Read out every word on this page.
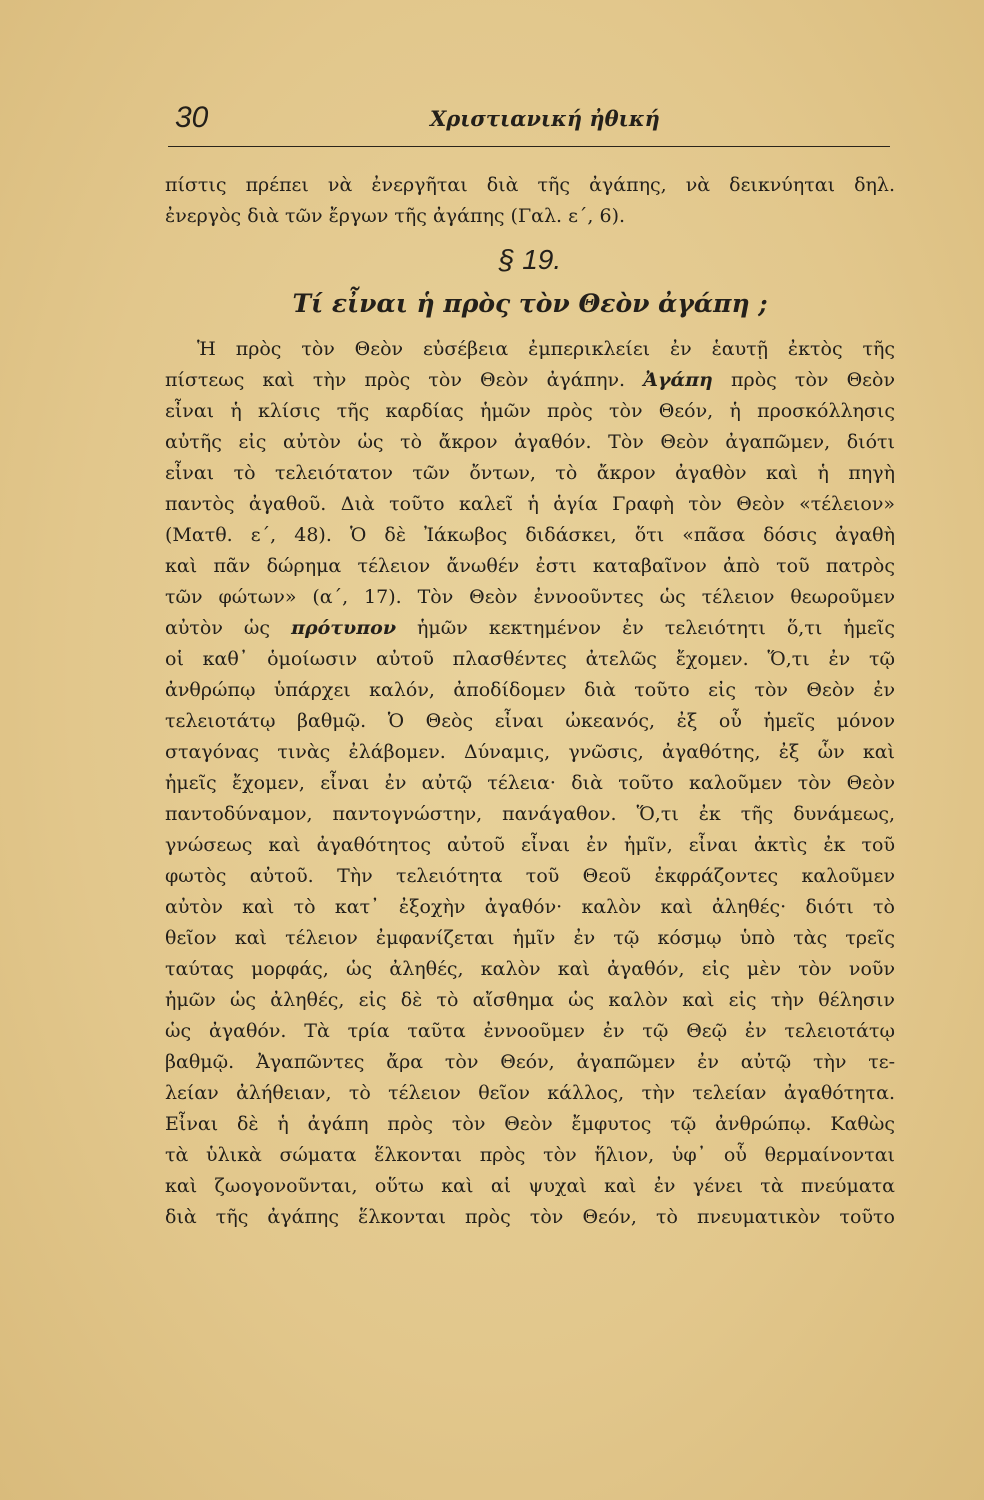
30	Χριστιανική ἠθική
πίστις πρέπει νὰ ἐνεργῆται διὰ τῆς ἀγάπης, νὰ δεικνύηται δηλ.
ἐνεργὸς διὰ τῶν ἔργων τῆς ἀγάπης (Γαλ. ε΄, 6).
§ 19.
Τί εἶναι ἡ πρὸς τὸν Θεὸν ἀγάπη ;
Ἡ πρὸς τὸν Θεὸν εὐσέβεια ἐμπερικλείει ἐν ἑαυτῇ ἐκτὸς τῆς
πίστεως καὶ τὴν πρὸς τὸν Θεὸν ἀγάπην. Ἀγάπη πρὸς τὸν Θεὸν
εἶναι ἡ κλίσις τῆς καρδίας ἡμῶν πρὸς τὸν Θεόν, ἡ προσκόλλησις
αὐτῆς εἰς αὐτὸν ὡς τὸ ἄκρον ἀγαθόν. Τὸν Θεὸν ἀγαπῶμεν, διότι
εἶναι τὸ τελειότατον τῶν ὄντων, τὸ ἄκρον ἀγαθὸν καὶ ἡ πηγὴ
παντὸς ἀγαθοῦ. Διὰ τοῦτο καλεῖ ἡ ἁγία Γραφὴ τὸν Θεὸν «τέλειον»
(Ματθ. ε΄, 48). Ὁ δὲ Ἰάκωβος διδάσκει, ὅτι «πᾶσα δόσις ἀγαθὴ
καὶ πᾶν δώρημα τέλειον ἄνωθέν ἐστι καταβαῖνον ἀπὸ τοῦ πατρὸς
τῶν φώτων» (α΄, 17). Τὸν Θεὸν ἐννοοῦντες ὡς τέλειον θεωροῦμεν
αὐτὸν ὡς πρότυπον ἡμῶν κεκτημένον ἐν τελειότητι ὅ,τι ἡμεῖς
οἱ καθ᾽ ὁμοίωσιν αὐτοῦ πλασθέντες ἀτελῶς ἔχομεν. Ὅ,τι ἐν τῷ
ἀνθρώπῳ ὑπάρχει καλόν, ἀποδίδομεν διὰ τοῦτο εἰς τὸν Θεὸν ἐν
τελειοτάτῳ βαθμῷ. Ὁ Θεὸς εἶναι ὠκεανός, ἐξ οὗ ἡμεῖς μόνον
σταγόνας τινὰς ἐλάβομεν. Δύναμις, γνῶσις, ἀγαθότης, ἐξ ὧν καὶ
ἡμεῖς ἔχομεν, εἶναι ἐν αὐτῷ τέλεια· διὰ τοῦτο καλοῦμεν τὸν Θεὸν
παντοδύναμον, παντογνώστην, πανάγαθον. Ὅ,τι ἐκ τῆς δυνάμεως,
γνώσεως καὶ ἀγαθότητος αὐτοῦ εἶναι ἐν ἡμῖν, εἶναι ἀκτὶς ἐκ τοῦ
φωτὸς αὐτοῦ. Τὴν τελειότητα τοῦ Θεοῦ ἐκφράζοντες καλοῦμεν
αὐτὸν καὶ τὸ κατ᾽ ἐξοχὴν ἀγαθόν· καλὸν καὶ ἀληθές· διότι τὸ
θεῖον καὶ τέλειον ἐμφανίζεται ἡμῖν ἐν τῷ κόσμῳ ὑπὸ τὰς τρεῖς
ταύτας μορφάς, ὡς ἀληθές, καλὸν καὶ ἀγαθόν, εἰς μὲν τὸν νοῦν
ἡμῶν ὡς ἀληθές, εἰς δὲ τὸ αἴσθημα ὡς καλὸν καὶ εἰς τὴν θέλησιν
ὡς ἀγαθόν. Τὰ τρία ταῦτα ἐννοοῦμεν ἐν τῷ Θεῷ ἐν τελειοτάτῳ
βαθμῷ. Ἀγαπῶντες ἄρα τὸν Θεόν, ἀγαπῶμεν ἐν αὐτῷ τὴν τε-
λείαν ἀλήθειαν, τὸ τέλειον θεῖον κάλλος, τὴν τελείαν ἀγαθότητα.
Εἶναι δὲ ἡ ἀγάπη πρὸς τὸν Θεὸν ἔμφυτος τῷ ἀνθρώπῳ. Καθὼς
τὰ ὑλικὰ σώματα ἕλκονται πρὸς τὸν ἥλιον, ὑφ᾽ οὗ θερμαίνονται
καὶ ζωογονοῦνται, οὕτω καὶ αἱ ψυχαὶ καὶ ἐν γένει τὰ πνεύματα
διὰ τῆς ἀγάπης ἕλκονται πρὸς τὸν Θεόν, τὸ πνευματικὸν τοῦτο
